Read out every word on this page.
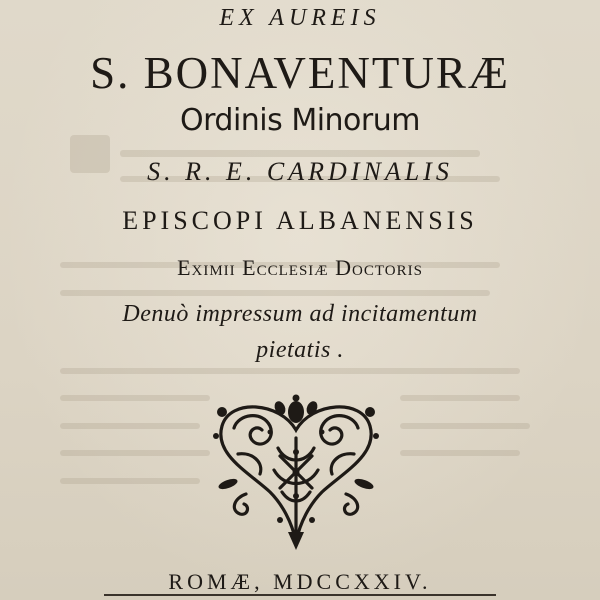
EX AUREIS
S. BONAVENTURÆ
Ordinis Minorum
S. R. E. CARDINALIS
EPISCOPI ALBANENSIS
Eximii Ecclesiæ Doctoris
Denuò impressum ad incitamentum
pietatis .
ROMÆ, MDCCXXIV.
